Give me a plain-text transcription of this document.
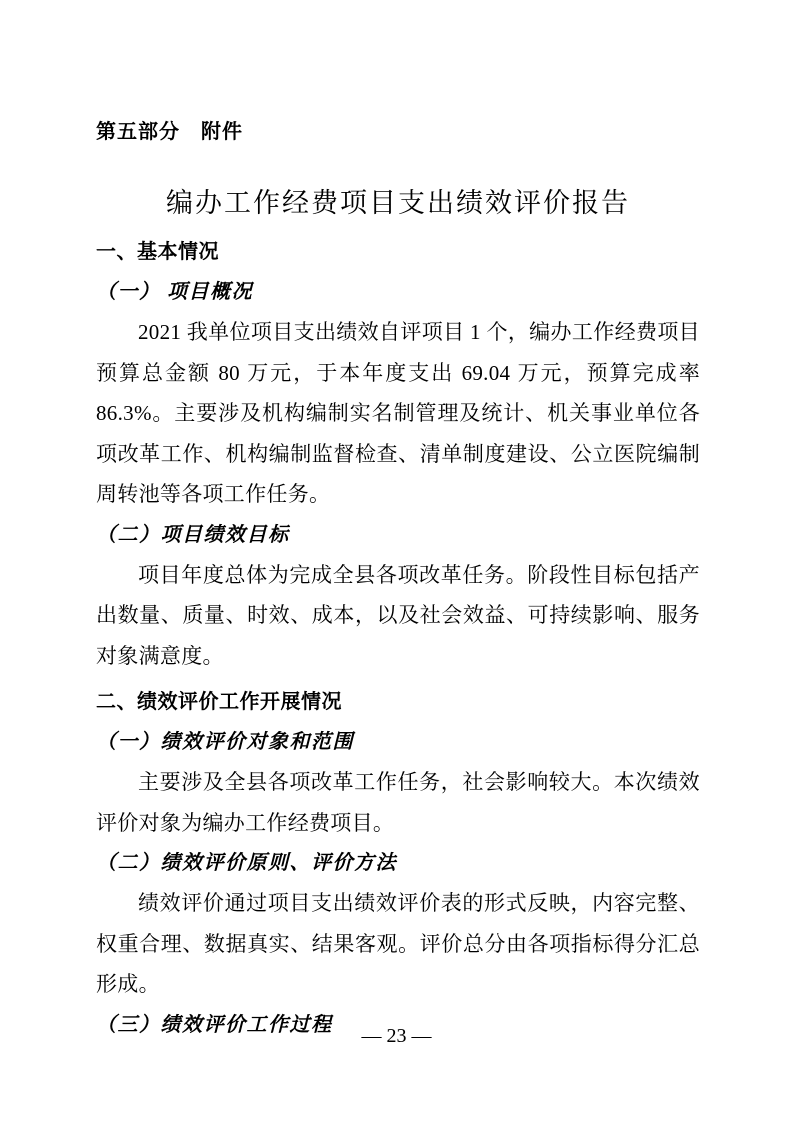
第五部分　附件
编办工作经费项目支出绩效评价报告
一、基本情况
（一） 项目概况

2021 我单位项目支出绩效自评项目 1 个，编办工作经费项目预算总金额 80 万元，于本年度支出 69.04 万元，预算完成率 86.3%。主要涉及机构编制实名制管理及统计、机关事业单位各项改革工作、机构编制监督检查、清单制度建设、公立医院编制周转池等各项工作任务。

（二）项目绩效目标

项目年度总体为完成全县各项改革任务。阶段性目标包括产出数量、质量、时效、成本，以及社会效益、可持续影响、服务对象满意度。

二、绩效评价工作开展情况
（一）绩效评价对象和范围

主要涉及全县各项改革工作任务，社会影响较大。本次绩效评价对象为编办工作经费项目。

（二）绩效评价原则、评价方法

绩效评价通过项目支出绩效评价表的形式反映，内容完整、权重合理、数据真实、结果客观。评价总分由各项指标得分汇总形成。

（三）绩效评价工作过程
— 23 —
